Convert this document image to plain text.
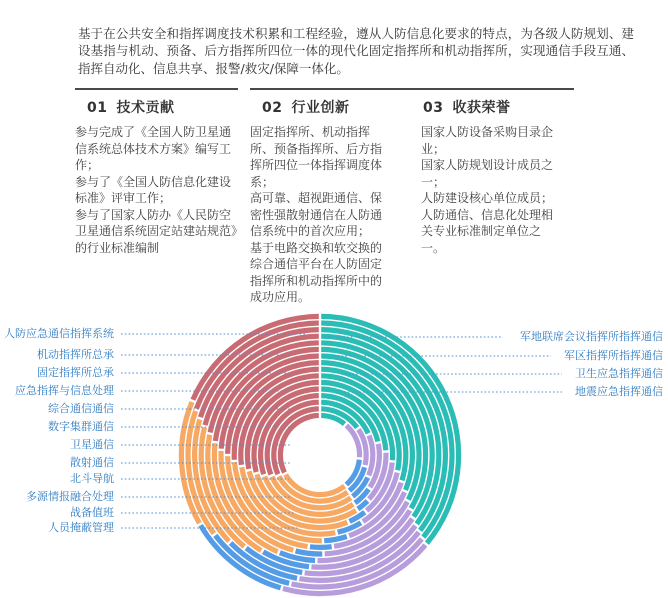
基于在公共安全和指挥调度技术积累和工程经验，遵从人防信息化要求的特点，为各级人防规划、建设基指与机动、预备、后方指挥所四位一体的现代化固定指挥所和机动指挥所，实现通信手段互通、指挥自动化、信息共享、报警/救灾/保障一体化。

01 技术贡献

参与完成了《全国人防卫星通信系统总体技术方案》编写工作；

参与了《全国人防信息化建设标准》评审工作；

参与了国家人防办《人民防空卫星通信系统固定站建站规范》的行业标准编制

02 行业创新

固定指挥所、机动指挥所、预备指挥所、后方指挥所四位一体指挥调度体系；

高可靠、超视距通信、保密性强散射通信在人防通信系统中的首次应用；

基于电路交换和软交换的综合通信平台在人防固定指挥所和机动指挥所中的成功应用。

03 收获荣誉

国家人防设备采购目录企业；

国家人防规划设计成员之一；

人防建设核心单位成员；

人防通信、信息化处理相关专业标准制定单位之一。

军地联席会议指挥所指挥通信
军区指挥所指挥通信
卫生应急指挥通信
地震应急指挥通信
人防应急通信指挥系统
机动指挥所总承
固定指挥所总承
应急指挥与信息处理
综合通信通信
数字集群通信
卫星通信
散射通信
北斗导航
多源情报融合处理
战备值班
人员掩蔽管理
